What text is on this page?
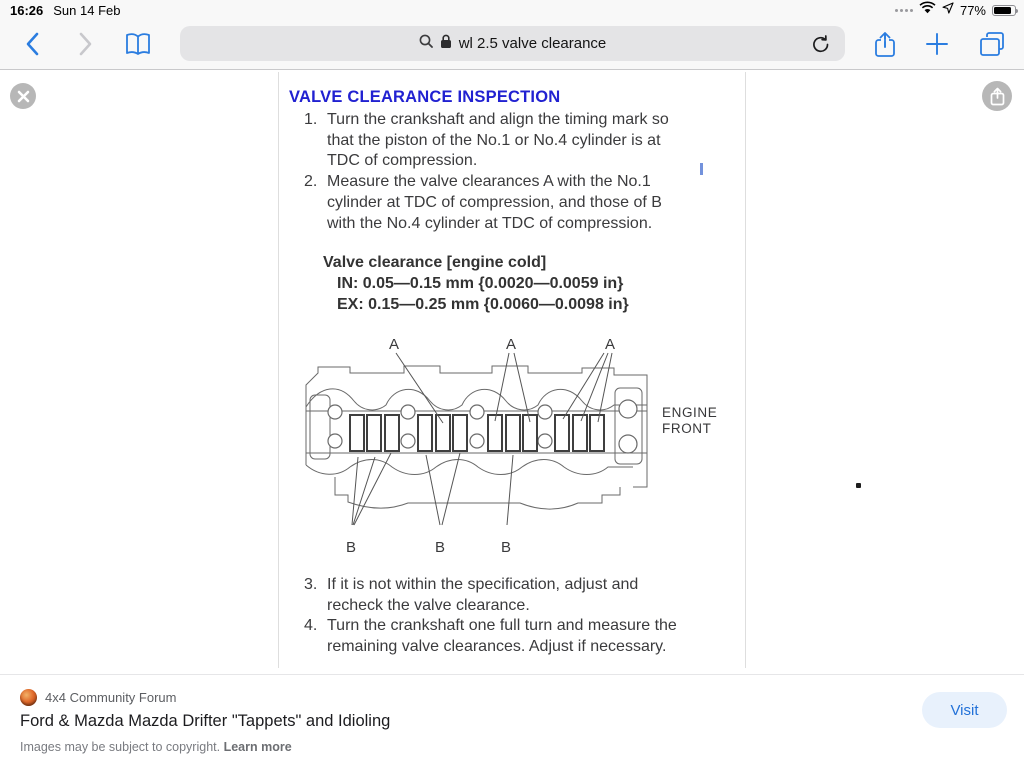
16:26 Sun 14 Feb	77%
wl 2.5 valve clearance
VALVE CLEARANCE INSPECTION
1. Turn the crankshaft and align the timing mark so that the piston of the No.1 or No.4 cylinder is at TDC of compression.
2. Measure the valve clearances A with the No.1 cylinder at TDC of compression, and those of B with the No.4 cylinder at TDC of compression.
Valve clearance [engine cold]
IN: 0.05—0.15 mm {0.0020—0.0059 in}
EX: 0.15—0.25 mm {0.0060—0.0098 in}
A	A	A
B	B	B
ENGINE
FRONT
3. If it is not within the specification, adjust and recheck the valve clearance.
4. Turn the crankshaft one full turn and measure the remaining valve clearances. Adjust if necessary.
4x4 Community Forum
Ford & Mazda Mazda Drifter "Tappets" and Idioling
Images may be subject to copyright. Learn more
Visit
